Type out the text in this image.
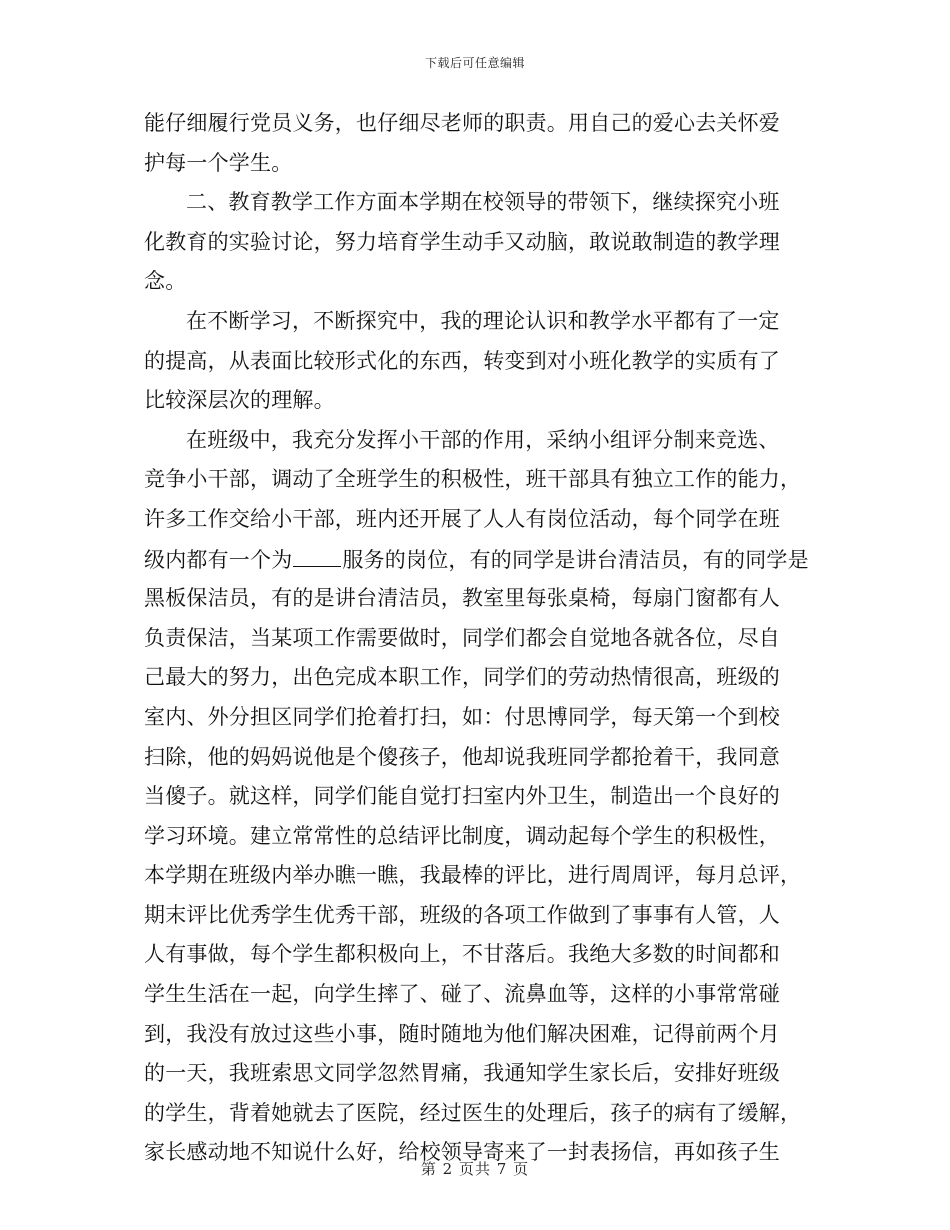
下载后可任意编辑
能仔细履行党员义务，也仔细尽老师的职责。用自己的爱心去关怀爱
护每一个学生。
二、教育教学工作方面本学期在校领导的带领下，继续探究小班
化教育的实验讨论，努力培育学生动手又动脑，敢说敢制造的教学理
念。
在不断学习，不断探究中，我的理论认识和教学水平都有了一定
的提高，从表面比较形式化的东西，转变到对小班化教学的实质有了
比较深层次的理解。
在班级中，我充分发挥小干部的作用，采纳小组评分制来竞选、
竞争小干部，调动了全班学生的积极性，班干部具有独立工作的能力，
许多工作交给小干部，班内还开展了人人有岗位活动，每个同学在班
级内都有一个为 服务的岗位，有的同学是讲台清洁员，有的同学是
黑板保洁员，有的是讲台清洁员，教室里每张桌椅，每扇门窗都有人
负责保洁，当某项工作需要做时，同学们都会自觉地各就各位，尽自
己最大的努力，出色完成本职工作，同学们的劳动热情很高，班级的
室内、外分担区同学们抢着打扫，如：付思博同学，每天第一个到校
扫除，他的妈妈说他是个傻孩子，他却说我班同学都抢着干，我同意
当傻子。就这样，同学们能自觉打扫室内外卫生，制造出一个良好的
学习环境。建立常常性的总结评比制度，调动起每个学生的积极性，
本学期在班级内举办瞧一瞧，我最棒的评比，进行周周评，每月总评，
期末评比优秀学生优秀干部，班级的各项工作做到了事事有人管，人
人有事做，每个学生都积极向上，不甘落后。我绝大多数的时间都和
学生生活在一起，向学生摔了、碰了、流鼻血等，这样的小事常常碰
到，我没有放过这些小事，随时随地为他们解决困难，记得前两个月
的一天，我班索思文同学忽然胃痛，我通知学生家长后，安排好班级
的学生，背着她就去了医院，经过医生的处理后，孩子的病有了缓解，
家长感动地不知说什么好，给校领导寄来了一封表扬信，再如孩子生
第 2 页共 7 页
